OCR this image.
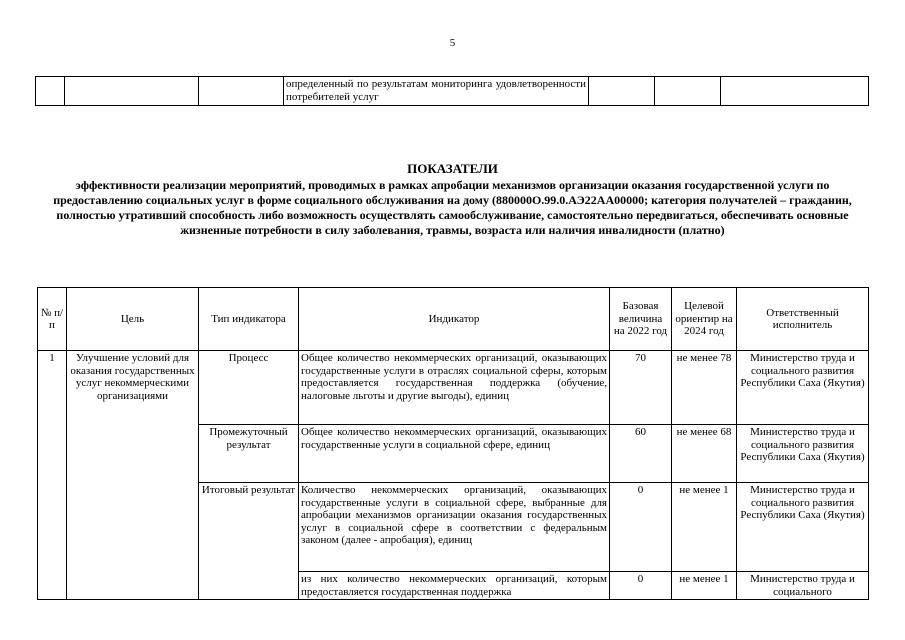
5
			определенный по результатам мониторинга удовлетворенности потребителей услуг			
ПОКАЗАТЕЛИ
эффективности реализации мероприятий, проводимых в рамках апробации механизмов организации оказания государственной услуги по предоставлению социальных услуг в форме социального обслуживания на дому (880000О.99.0.АЭ22АА00000; категория получателей – гражданин, полностью утративший способность либо возможность осуществлять самообслуживание, самостоятельно передвигаться, обеспечивать основные жизненные потребности в силу заболевания, травмы, возраста или наличия инвалидности (платно)
№ п/п	Цель	Тип индикатора	Индикатор	Базовая величина на 2022 год	Целевой ориентир на 2024 год	Ответственный исполнитель
1	Улучшение условий для оказания государственных услуг некоммерческими организациями	Процесс	Общее количество некоммерческих организаций, оказывающих государственные услуги в отраслях социальной сферы, которым предоставляется государственная поддержка (обучение, налоговые льготы и другие выгоды), единиц	70	не менее 78	Министерство труда и социального развития Республики Саха (Якутия)
		Промежуточный результат	Общее количество некоммерческих организаций, оказывающих государственные услуги в социальной сфере, единиц	60	не менее 68	Министерство труда и социального развития Республики Саха (Якутия)
		Итоговый результат	Количество некоммерческих организаций, оказывающих государственные услуги в социальной сфере, выбранные для апробации механизмов организации оказания государственных услуг в социальной сфере в соответствии с федеральным законом (далее - апробация), единиц	0	не менее 1	Министерство труда и социального развития Республики Саха (Якутия)
			из них количество некоммерческих организаций, которым предоставляется государственная поддержка	0	не менее 1	Министерство труда и социального
